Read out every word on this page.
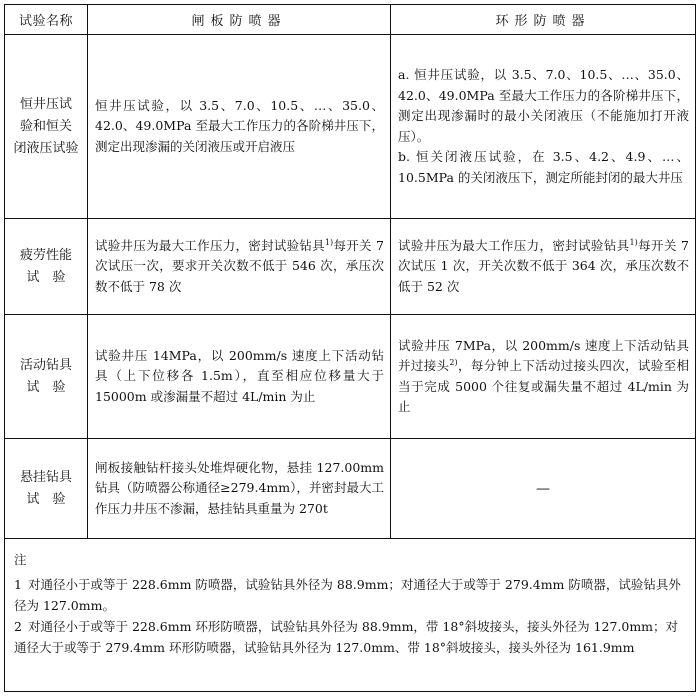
试验名称	闸板防喷器	环形防喷器
恒井压试
验和恒关
闭液压试验
恒井压试验，以 3.5、7.0、10.5、…、35.0、42.0、49.0MPa 至最大工作压力的各阶梯井压下，测定出现渗漏的关闭液压或开启液压
a. 恒井压试验，以 3.5、7.0、10.5、…、35.0、42.0、49.0MPa 至最大工作压力的各阶梯井压下，测定出现渗漏时的最小关闭液压（不能施加打开液压）。
b. 恒关闭液压试验，在 3.5、4.2、4.9、…、10.5MPa 的关闭液压下，测定所能封闭的最大井压
疲劳性能
试　验
试验井压为最大工作压力，密封试验钻具$^{1)}$每开关 7 次试压一次，要求开关次数不低于 546 次，承压次数不低于 78 次
试验井压为最大工作压力，密封试验钻具$^{1)}$每开关 7 次试压 1 次，开关次数不低于 364 次，承压次数不低于 52 次
活动钻具
试　验
试验井压 14MPa，以 200mm/s 速度上下活动钻具（上下位移各 1.5m），直至相应位移量大于 15000m 或渗漏量不超过 4L/min 为止
试验井压 7MPa，以 200mm/s 速度上下活动钻具并过接头$^{2)}$，每分钟上下活动过接头四次，试验至相当于完成 5000 个往复或漏失量不超过 4L/min 为止
悬挂钻具
试　验
闸板接触钻杆接头处堆焊硬化物，悬挂 127.00mm 钻具（防喷器公称通径≥279.4mm），并密封最大工作压力井压不渗漏，悬挂钻具重量为 270t
—

注

1 对通径小于或等于 228.6mm 防喷器，试验钻具外径为 88.9mm；对通径大于或等于 279.4mm 防喷器，试验钻具外径为 127.0mm。

2 对通径小于或等于 228.6mm 环形防喷器，试验钻具外径为 88.9mm，带 18°斜坡接头，接头外径为 127.0mm；对通径大于或等于 279.4mm 环形防喷器，试验钻具外径为 127.0mm、带 18°斜坡接头，接头外径为 161.9mm
